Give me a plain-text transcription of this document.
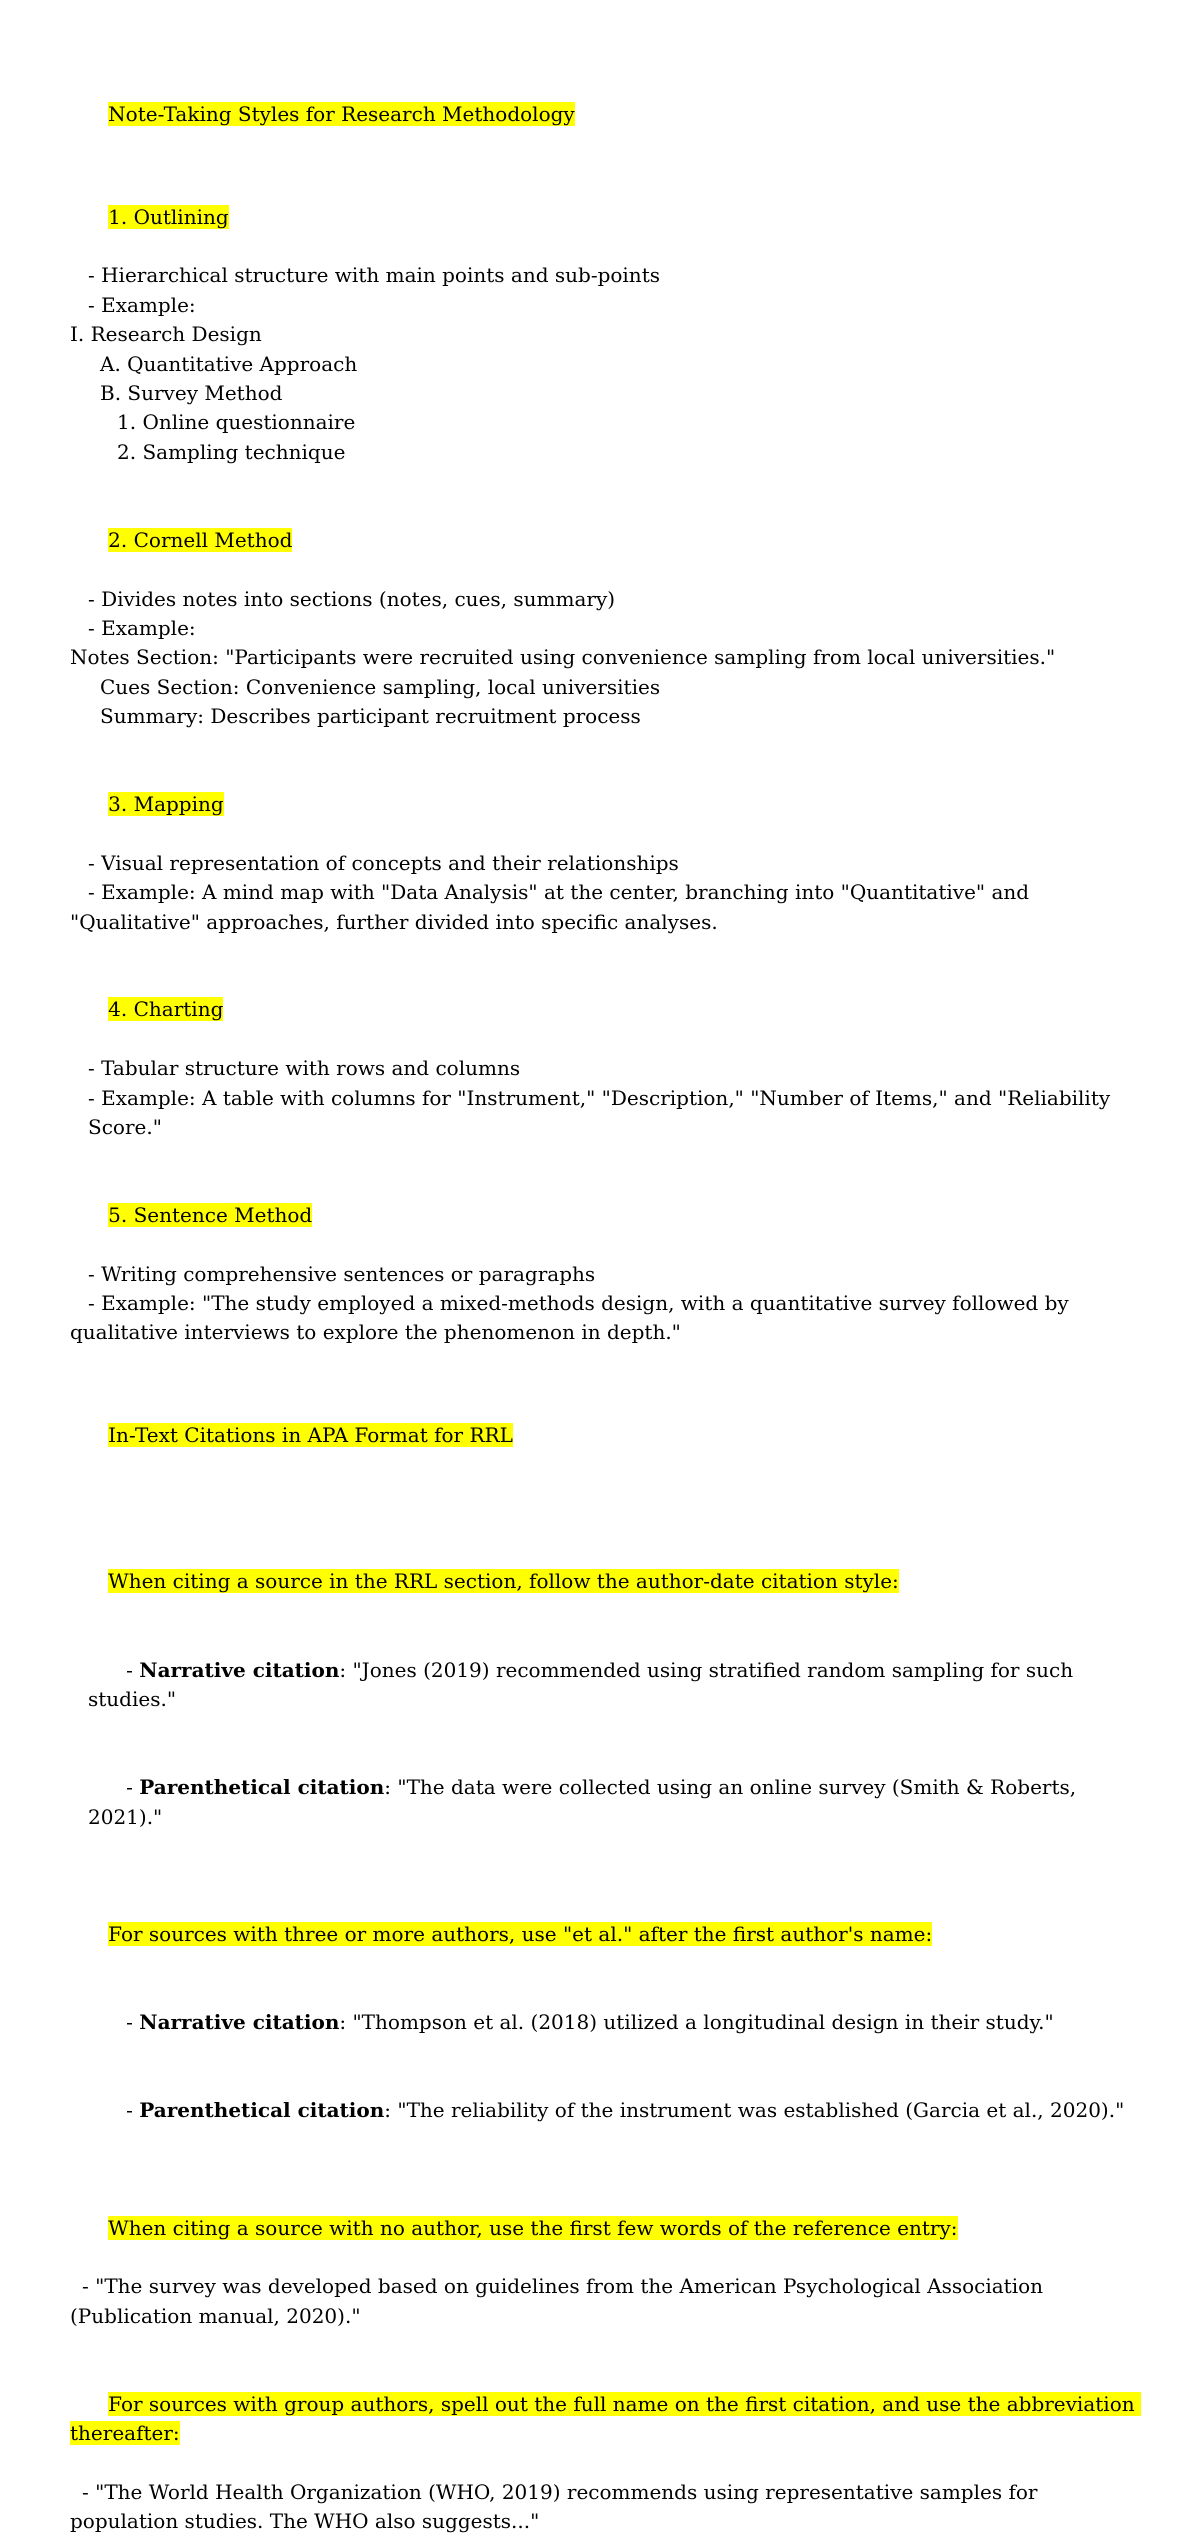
Note-Taking Styles for Research Methodology

1. Outlining

- Hierarchical structure with main points and sub-points
- Example:
I. Research Design
A. Quantitative Approach
B. Survey Method
1. Online questionnaire
2. Sampling technique

2. Cornell Method

- Divides notes into sections (notes, cues, summary)
- Example:
Notes Section: "Participants were recruited using convenience sampling from local universities."
Cues Section: Convenience sampling, local universities
Summary: Describes participant recruitment process

3. Mapping

- Visual representation of concepts and their relationships
- Example: A mind map with "Data Analysis" at the center, branching into "Quantitative" and "Qualitative" approaches, further divided into specific analyses.

4. Charting

- Tabular structure with rows and columns
- Example: A table with columns for "Instrument," "Description," "Number of Items," and "Reliability Score."

5. Sentence Method

- Writing comprehensive sentences or paragraphs
- Example: "The study employed a mixed-methods design, with a quantitative survey followed by qualitative interviews to explore the phenomenon in depth."

In-Text Citations in APA Format for RRL

When citing a source in the RRL section, follow the author-date citation style:

- Narrative citation: "Jones (2019) recommended using stratified random sampling for such studies."

- Parenthetical citation: "The data were collected using an online survey (Smith & Roberts, 2021)."

For sources with three or more authors, use "et al." after the first author's name:

- Narrative citation: "Thompson et al. (2018) utilized a longitudinal design in their study."

- Parenthetical citation: "The reliability of the instrument was established (Garcia et al., 2020)."

When citing a source with no author, use the first few words of the reference entry:

- "The survey was developed based on guidelines from the American Psychological Association (Publication manual, 2020)."

For sources with group authors, spell out the full name on the first citation, and use the abbreviation thereafter:

- "The World Health Organization (WHO, 2019) recommends using representative samples for population studies. The WHO also suggests..."
